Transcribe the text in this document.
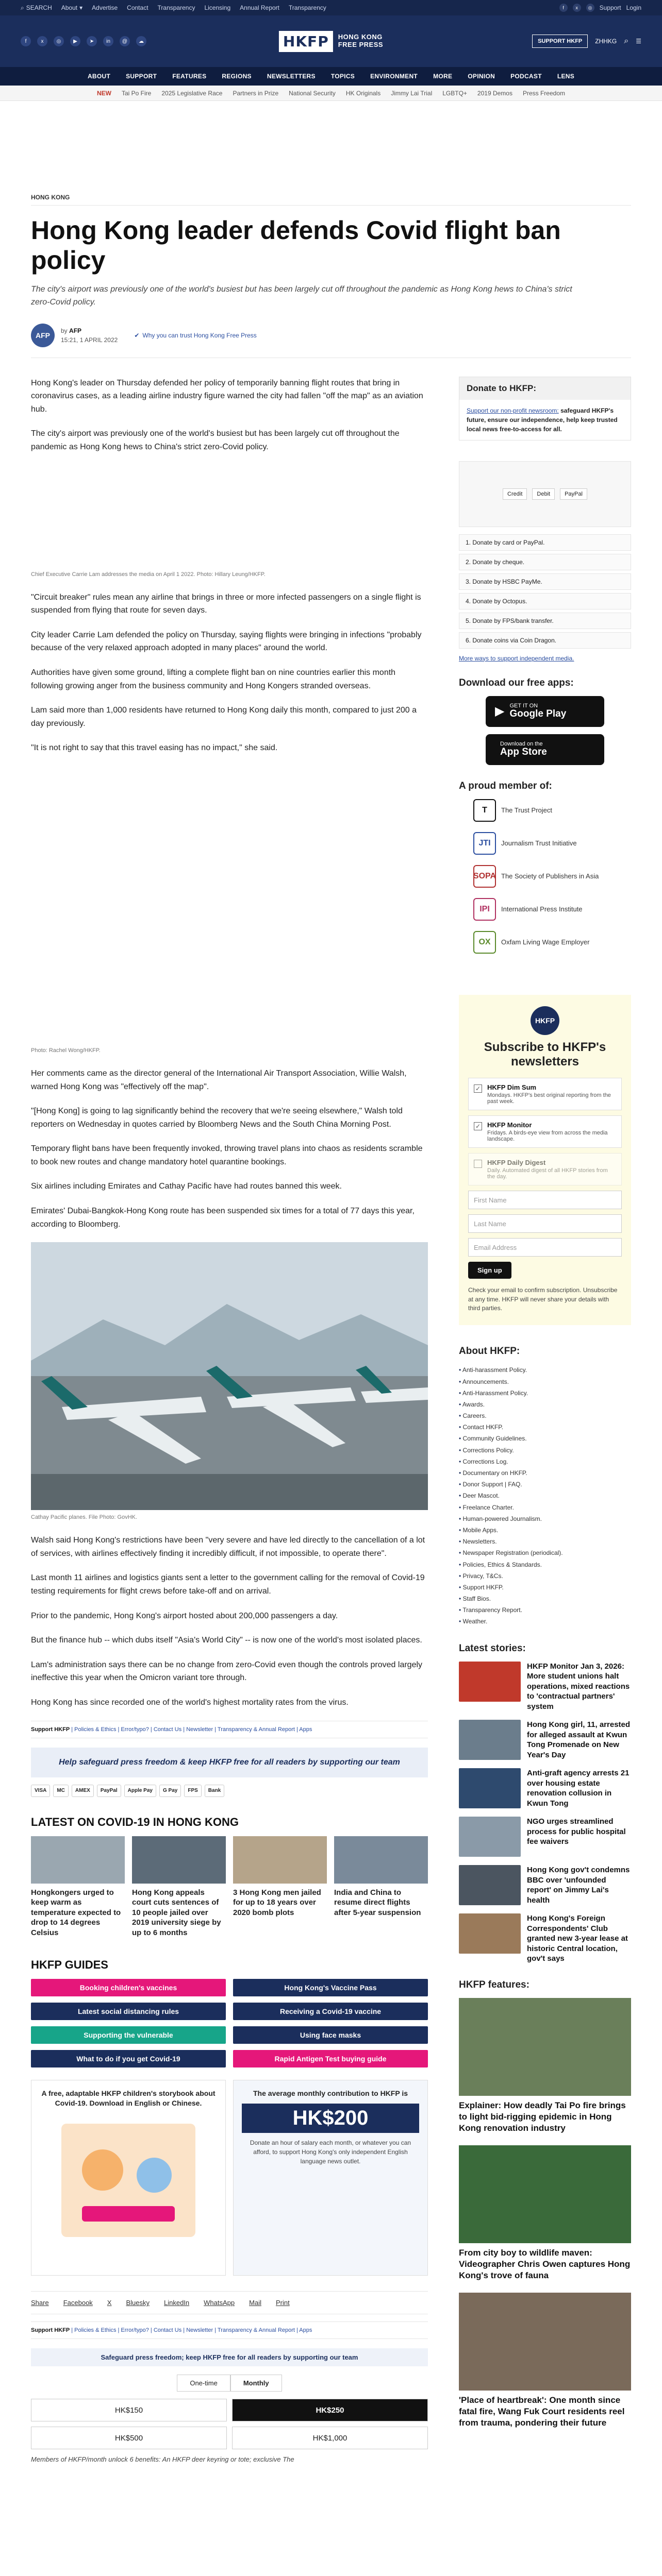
⌕ SEARCH About ▾ Advertise Contact Transparency Licensing Annual Report Transparency	f	x	◎	Support Login
f	x	◎	▶	➤	in	@	☁	HKFP	HONG KONG
FREE PRESS	SUPPORT HKFP	ZHHKG ⌕ ☰
ABOUT	SUPPORT	FEATURES	REGIONS	NEWSLETTERS	TOPICS	ENVIRONMENT	MORE	OPINION	PODCAST	LENS
NEW Tai Po Fire 2025 Legislative Race Partners in Prize National Security HK Originals Jimmy Lai Trial LGBTQ+ 2019 Demos Press Freedom
HONG KONG
Hong Kong leader defends Covid flight ban policy
The city's airport was previously one of the world's busiest but has been largely cut off throughout the pandemic as Hong Kong hews to China's strict zero-Covid policy.
AFP
by AFP
15:21, 1 APRIL 2022
✔ Why you can trust Hong Kong Free Press

Hong Kong's leader on Thursday defended her policy of temporarily banning flight routes that bring in coronavirus cases, as a leading airline industry figure warned the city had fallen "off the map" as an aviation hub.

The city's airport was previously one of the world's busiest but has been largely cut off throughout the pandemic as Hong Kong hews to China's strict zero-Covid policy.

Chief Executive Carrie Lam addresses the media on April 1 2022. Photo: Hillary Leung/HKFP.

"Circuit breaker" rules mean any airline that brings in three or more infected passengers on a single flight is suspended from flying that route for seven days.

City leader Carrie Lam defended the policy on Thursday, saying flights were bringing in infections "probably because of the very relaxed approach adopted in many places" around the world.

Authorities have given some ground, lifting a complete flight ban on nine countries earlier this month following growing anger from the business community and Hong Kongers stranded overseas.

Lam said more than 1,000 residents have returned to Hong Kong daily this month, compared to just 200 a day previously.

"It is not right to say that this travel easing has no impact," she said.

Photo: Rachel Wong/HKFP.

Her comments came as the director general of the International Air Transport Association, Willie Walsh, warned Hong Kong was "effectively off the map".

"[Hong Kong] is going to lag significantly behind the recovery that we're seeing elsewhere," Walsh told reporters on Wednesday in quotes carried by Bloomberg News and the South China Morning Post.

Temporary flight bans have been frequently invoked, throwing travel plans into chaos as residents scramble to book new routes and change mandatory hotel quarantine bookings.

Six airlines including Emirates and Cathay Pacific have had routes banned this week.

Emirates' Dubai-Bangkok-Hong Kong route has been suspended six times for a total of 77 days this year, according to Bloomberg.

Cathay Pacific planes. File Photo: GovHK.

Walsh said Hong Kong's restrictions have been "very severe and have led directly to the cancellation of a lot of services, with airlines effectively finding it incredibly difficult, if not impossible, to operate there".

Last month 11 airlines and logistics giants sent a letter to the government calling for the removal of Covid-19 testing requirements for flight crews before take-off and on arrival.

Prior to the pandemic, Hong Kong's airport hosted about 200,000 passengers a day.

But the finance hub -- which dubs itself "Asia's World City" -- is now one of the world's most isolated places.

Lam's administration says there can be no change from zero-Covid even though the controls proved largely ineffective this year when the Omicron variant tore through.

Hong Kong has since recorded one of the world's highest mortality rates from the virus.

Support HKFP | Policies & Ethics | Error/typo? | Contact Us | Newsletter | Transparency & Annual Report | Apps
Help safeguard press freedom & keep HKFP free for all readers by supporting our team
VISA	MC	AMEX	PayPal	Apple Pay	G Pay	FPS	Bank
LATEST ON COVID-19 IN HONG KONG
Hongkongers urged to keep warm as temperature expected to drop to 14 degrees Celsius
Hong Kong appeals court cuts sentences of 10 people jailed over 2019 university siege by up to 6 months
3 Hong Kong men jailed for up to 18 years over 2020 bomb plots
India and China to resume direct flights after 5-year suspension
HKFP GUIDES
Booking children's vaccines	Hong Kong's Vaccine Pass
Latest social distancing rules	Receiving a Covid-19 vaccine
Supporting the vulnerable	Using face masks
What to do if you get Covid-19	Rapid Antigen Test buying guide
A free, adaptable HKFP children's storybook about Covid-19. Download in English or Chinese.
The average monthly contribution to HKFP is
HK$200
Donate an hour of salary each month, or whatever you can afford, to support Hong Kong's only independent English language news outlet.
Share Facebook X Bluesky LinkedIn WhatsApp Mail Print
Support HKFP | Policies & Ethics | Error/typo? | Contact Us | Newsletter | Transparency & Annual Report | Apps
Safeguard press freedom; keep HKFP free for all readers by supporting our team
One-time	Monthly
HK$150	HK$250
HK$500	HK$1,000
Members of HKFP/month unlock 6 benefits: An HKFP deer keyring or tote; exclusive The
Donate to HKFP:
Support our non-profit newsroom: safeguard HKFP's future, ensure our independence, help keep trusted local news free-to-access for all.
Credit	Debit	PayPal
1. Donate by card or PayPal.
2. Donate by cheque.
3. Donate by HSBC PayMe.
4. Donate by Octopus.
5. Donate by FPS/bank transfer.
6. Donate coins via Coin Dragon.
More ways to support independent media.
Download our free apps:
▶ GET IT ON
Google Play
Download on the
App Store
A proud member of:
T	The Trust Project
JTI	Journalism Trust Initiative
SOPA The Society of Publishers in Asia
IPI	International Press Institute
OX	Oxfam Living Wage Employer
HKFP
Subscribe to HKFP's newsletters
✓ HKFP Dim Sum
Mondays. HKFP's best original reporting from the past week.
✓ HKFP Monitor
Fridays. A birds-eye view from across the media landscape.
HKFP Daily Digest
Daily. Automated digest of all HKFP stories from the day.
First Name
Last Name
Email Address
Sign up
Check your email to confirm subscription. Unsubscribe at any time. HKFP will never share your details with third parties.
About HKFP:
• Anti-harassment Policy.
• Announcements.
• Anti-Harassment Policy.
• Awards.
• Careers.
• Contact HKFP.
• Community Guidelines.
• Corrections Policy.
• Corrections Log.
• Documentary on HKFP.
• Donor Support | FAQ.
• Deer Mascot.
• Freelance Charter.
• Human-powered Journalism.
• Mobile Apps.
• Newsletters.
• Newspaper Registration (periodical).
• Policies, Ethics & Standards.
• Privacy, T&Cs.
• Support HKFP.
• Staff Bios.
• Transparency Report.
• Weather.
Latest stories:
HKFP Monitor Jan 3, 2026: More student unions halt operations, mixed reactions to 'contractual partners' system
Hong Kong girl, 11, arrested for alleged assault at Kwun Tong Promenade on New Year's Day
Anti-graft agency arrests 21 over housing estate renovation collusion in Kwun Tong
NGO urges streamlined process for public hospital fee waivers
Hong Kong gov't condemns BBC over 'unfounded report' on Jimmy Lai's health
Hong Kong's Foreign Correspondents' Club granted new 3-year lease at historic Central location, gov't says
HKFP features:
Explainer: How deadly Tai Po fire brings to light bid-rigging epidemic in Hong Kong renovation industry
From city boy to wildlife maven: Videographer Chris Owen captures Hong Kong's trove of fauna
'Place of heartbreak': One month since fatal fire, Wang Fuk Court residents reel from trauma, pondering their future
